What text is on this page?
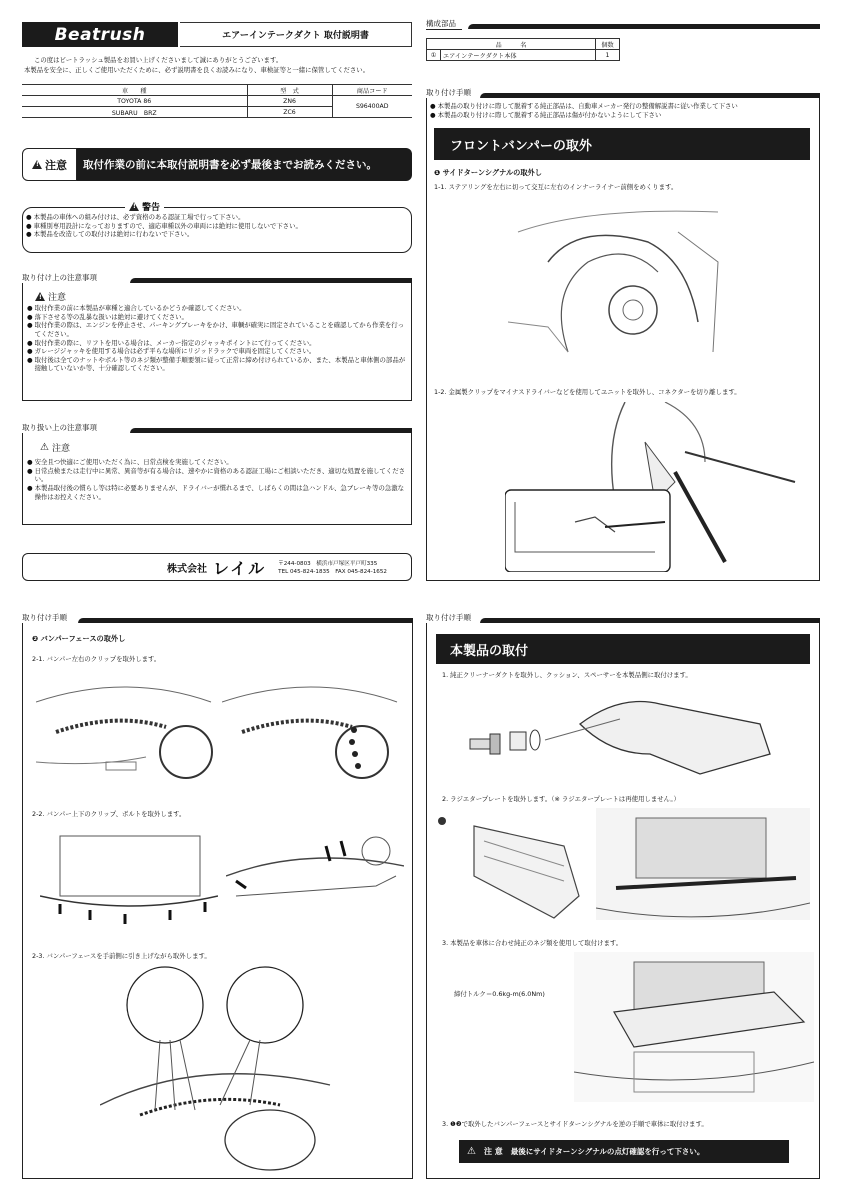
Beatrush	エアーインテークダクト 取付説明書
この度はビートラッシュ製品をお買い上げくださいまして誠にありがとうございます。
本製品を安全に、正しくご使用いただくために、必ず説明書を良くお読みになり、車検証等と一緒に保管してください。
車　　種	型　式	商品コード
TOYOTA 86	ZN6	S96400AD
SUBARU　BRZ	ZC6	
! 注意 取付作業の前に本取付説明書を必ず最後までお読みください。
! 警告
● 本製品の車体への組み付けは、必ず資格のある認証工場で行って下さい。
● 車種別専用設計になっておりますので、適応車種以外の車両には絶対に使用しないで下さい。
● 本製品を改造しての取付けは絶対に行わないで下さい。
取り付け上の注意事項
! 注意
● 取付作業の前に本製品が車種と適合しているかどうか確認してください。
● 落下させる等の乱暴な扱いは絶対に避けてください。
● 取付作業の際は、エンジンを停止させ、パーキングブレーキをかけ、車輌が確実に固定されていることを確認してから作業を行ってください。
● 取付作業の際に、リフトを用いる場合は、メーカー指定のジャッキポイントにて行ってください。
● ガレージジャッキを使用する場合は必ず平らな場所にリジッドラックで車両を固定してください。
● 取付後は全てのナットやボルト等のネジ類が整備手順要領に従って正常に締め付けられているか、また、本製品と車体側の部品が接触していないか等、十分確認してください。
取り扱い上の注意事項
⚠ 注意
● 安全且つ快適にご使用いただく為に、日常点検を実施してください。
● 日常点検または走行中に異常、異音等が有る場合は、速やかに資格のある認証工場にご相談いただき、適切な処置を施してください。
● 本製品取付後の慣らし等は特に必要ありませんが、ドライバーが慣れるまで、しばらくの間は急ハンドル、急ブレーキ等の急激な操作はお控えください。
株式会社 レイル 〒244-0803　横浜市戸塚区平戸町335
TEL 045-824-1835　FAX 045-824-1652
構成部品
品　　　名		個数
①	エアインテークダクト本体	1
取り付け手順
● 本製品の取り付けに際して脱着する純正部品は、自動車メーカー発行の整備解説書に従い作業して下さい
● 本製品の取り付けに際して脱着する純正部品は傷が付かないようにして下さい
フロントバンパーの取外
❶ サイドターンシグナルの取外し
1-1. ステアリングを左右に切って交互に左右のインナーライナー前側をめくります。
1-2. 金属製クリップをマイナスドライバーなどを使用してユニットを取外し、コネクターを切り離します。
取り付け手順
❷ バンパーフェースの取外し
2-1. バンパー左右のクリップを取外します。
2-2. バンパー上下のクリップ、ボルトを取外します。
2-3. バンパーフェースを手前側に引き上げながら取外します。
取り付け手順
本製品の取付
1. 純正クリーナーダクトを取外し、クッション、スペーサーを本製品側に取付けます。
2. ラジエタープレートを取外します。（※ ラジエタープレートは再使用しません。）
3. 本製品を車体に合わせ純正のネジ類を使用して取付けます。
締付トルク＝0.6kg-m(6.0Nm)
3. ❶❷で取外したバンパーフェースとサイドターンシグナルを逆の手順で車体に取付けます。
⚠ 注 意 最後にサイドターンシグナルの点灯確認を行って下さい。
